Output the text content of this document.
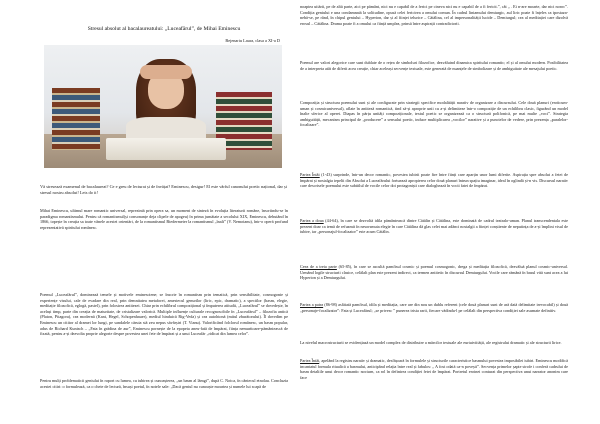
Stresul absolut al bacalaureatului: „Luceafărul”, de Mihai Eminescu
Bejenariu Laura, clasa a XI-a D
Vă stresează examenul de bacalaureat? Ce e greu de lecturat și de învățat? Eminescu, desigur! El este vârful canonului poetic național, dar și stresul nostru absolut! Lets do it!

Mihai Eminescu, ultimul mare romantic universal, reprezintă prin opera sa, un moment de sinteză în evoluția literaturii române, înscriindu-se în paradigma romantismului. Pentru că romantismul(și consonanțe deja clipele de apogeu) în prima jumătate a secolului XIX, Eminescu, debutând în 1866, topește în creația sa toate vânele acestei orientări, de la romantismul Biedermeier la romantismul „înalt” (V. Nemoianu), într-o operă profund reprezentativă spiritului romînesc.

Poemul „Luceafărul”, dominează temele și motivele eminesciene; se înscrie în romantism prin tematică, prin sensibilitate, cosmogonie și experiențe visului, cale de evadare din real, prin demnitatea metaforei, amestecul genurilor (liric, epic, dramatic), a speciilor (basm, elegie, meditație filozofică, eglogă, pastel), prin folosirea antitezei. Chiar prin echilibrul compozițional și împuterea atitudii, „Luceafărul” se dovedește, în același timp, parte din creația de maturitate, de cristalizare valorică. Multiple influențe culturale recognoscibile în „Luceafărul” – filozofia antică (Platon, Pitagora), cea modernă (Kant, Hegel, Schopenhauer), mediul hinduică Rig-Veda) și cea autohtonă (mitul zburătorului). Îl dovedim pe Eminescu un cititor al dramei lor lungi, pe sandalele căruia stă zeu nepus săvârșiri (T. Vianu). Valorificând folclorul românesc, un basm popular, adus de Richard Kunisch – „Fata în grădina de aur”, Eminescu pornește de la epopeia aneu-fată de împărat, ființa nemuritoare-pământească de fixată, pentru a-și dezvolta proprie alegorie despre povestea unei fete de împărat și a unui Luceafăr „ridicat din lumea celor”.

Pentru mulți problematicii geniului în raport cu lumea, cu iubirea și cunoașterea, „un basm al lămgi”, după C. Noica, în cântecul etnolau. Concluzia acestei citiri: o formulează, ca o cheie de lectură, însuși poetul, în notele sale: „Dacă geniul nu cunoaște moartea și numele lui scapă de

noaptea uitării, pe de altă parte, aici pe pământ, nici nu e capabil de a ferici pe cineva nici nu e capabil de a fi fericit.”, cât „ . Ei n-are moarte, dar nici noroc”. Condiția geniului e una condamnată la solitudine, opusă celei fericirea a omului comun. În cadrul liniamului demiurgic, aul liric poate fi înțeles ca ipostaza-nebă-se, pe rând, în chipul geniului – Hyperion, dar și al ființei telurice – Cătălina, cel al impersonalității lucide – Demiurgul; cea al meditației care dizolvă erosul – Cătălina. Drama poate fi a omului ca ființă umplea, prinsă între aspirații contradictorii.

Poemul are valori alegorice care sunt dublate de o rețea de simboluri filozofice, dezvăluind dinamica spiritului romantic; el și al omului modern. Posibilitatea de a interpreta atât de diferit acea creație, chiar aceleași secvențe textuale, este generată de nuanțele de simbolizare și de ambiguitate ale mesajului poetic.

Compoziția și structura poemului sunt și ale configurate prin strategii specifice modalității narativ de organizare a discursului. Cele două planuri (eroticum-uman și cosmicuniversal), aflate în antiteză romantică, tind să-și aproprie unii cu a-și delimiteze într-o compoziție de un echilibru clasic, figurând un model înalte sferice al operei. Diapas în părțu unitâți compoziționale, textul poetic se organizează ca o structură polifonică, pe mai multe „voci”. Strategia ambiguității, mecanism principal de „producere” a sensului poetic, induce multiplicarea „vocilor” narative și a punctelor de vedere, prin prezența „paralelor-focalizare”.

Partea Întâi (1-43) surprinde, într-un decor romantic, povestea iubirii poate fire între ființi care aparțin unor lumi diferite. Aspirația spre absolut a fetei de împărat și nostalgia iepelii din Absolut a Luceafărului fortuează apropierea celor două planuri întrun spațiu imaginar, ideal în oglindă și-n vis. Discursul narativ care descrisele poemului este subtitlul de vocile celor doi protagoniști care dialoghează în vocii fatei de împărat.

Partea a doua (44-64), în care se dezvoltă idila pământească dintre Cătălin și Cătălina, este dominată de cadrul teatralo-uman. Planul transcendentala este prezent doar ca temă de refuzmit în nesorsmuta elegie în care Cătălina dă glas celei mai adânci nostalgii a ființei conștiente de neputința de a-și împlini visul de iubire, iar „personajul-focalizator” este acum Cătălin.

Ceea de a treia parte (65-85), în care se ascultă pamfisul cosmic și poemul cosmogonic, drega și meditația filozofică, dezvăluă planul cosmic-universal. Urmând logile structurii clasice, celălalt plan este prezent indirect, ca termen antitetic în discursul Demiurgului. Vocile care rămână în basul vită sunt acea a lui Hyperion și a Demiurgului.

Partea a patra (86-98) asfăiată pamfisul, idila și meditația, care are din nou un dublu referent (cele două planuri sunt de ară dată delimitate irevocabil) și două „personaje-focalizator”: Fata și Luceafărul; „se privesc ” punerea trista rarii, fiecare vădindu-l pe celălalt din perspectiva condiției sale asumate definitiv.

La nivelul macrostructurii se evidențiază un model complex de distribuire a mărcilor textuale ale eurtuiviității, ale registrului dramatic și ale structurii lirice.

Partea Întâi, apelând la registru narativ și dramatic, desfășoară în formulele și structurile caracteristice basmului povestea imposibilei iubiri. Eminescu modifică incantatul formula ritualică a basmului, anticipând relația între real și fabulos: „ A fost odată ca-n povești”. Secvența primelor șapte strofe i conferă cadrului de basm detaliile unui decor romantic nocturn, ca rol în definirea condiției fetei de împărat. Portretul eroinei conturat din perspectiva unui narrator anonim care face
